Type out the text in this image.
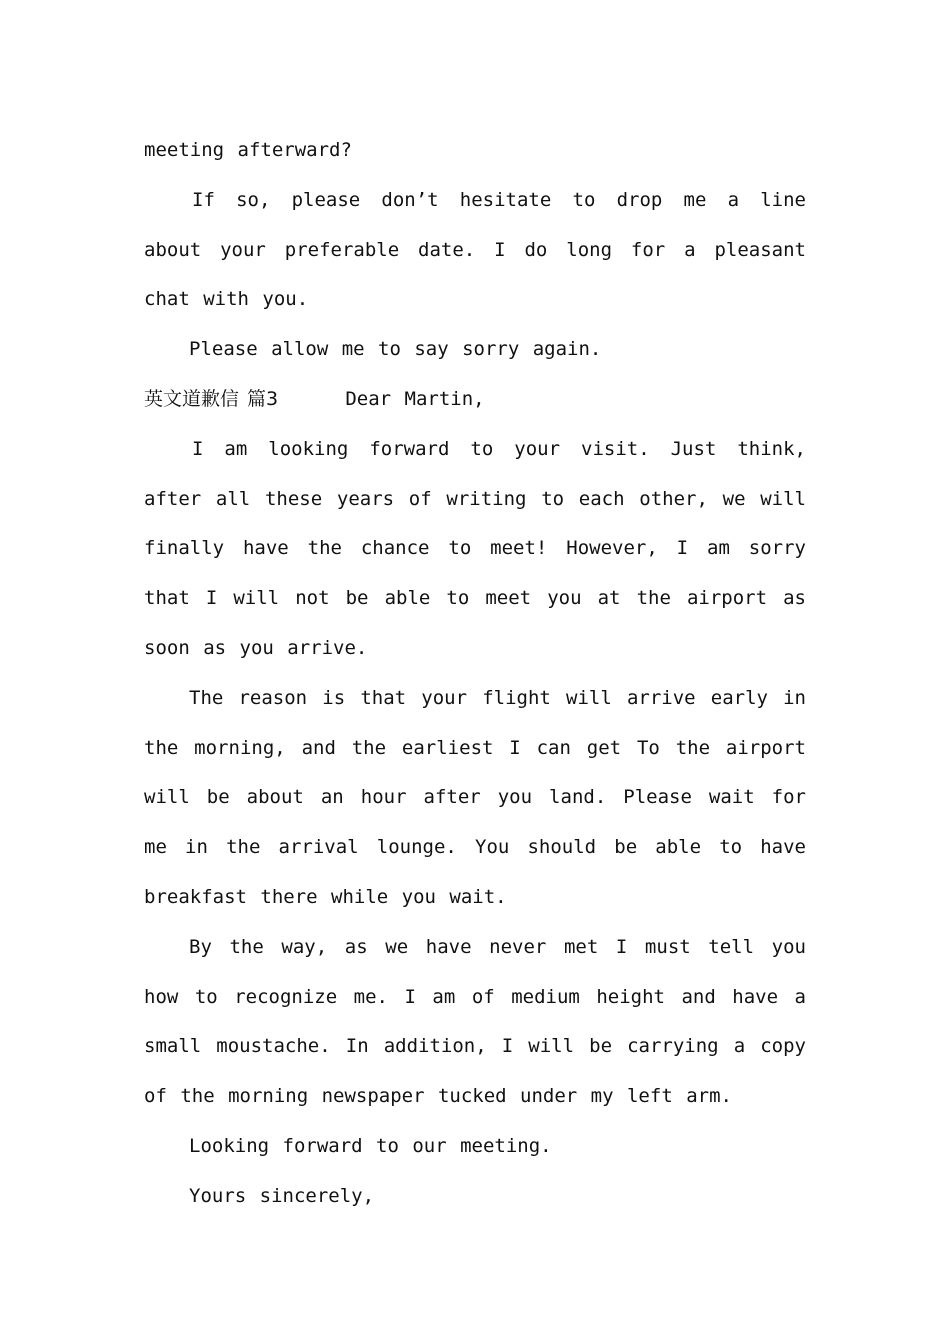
meeting afterward?

If so, please don’t hesitate to drop me a line about your preferable date. I do long for a pleasant chat with you.

Please allow me to say sorry again.

英文道歉信 篇3	Dear Martin,

I am looking forward to your visit. Just think, after all these years of writing to each other, we will finally have the chance to meet! However, I am sorry that I will not be able to meet you at the airport as soon as you arrive.

The reason is that your flight will arrive early in the morning, and the earliest I can get To the airport will be about an hour after you land. Please wait for me in the arrival lounge. You should be able to have breakfast there while you wait.

By the way, as we have never met I must tell you how to recognize me. I am of medium height and have a small moustache. In addition, I will be carrying a copy of the morning newspaper tucked under my left arm.

Looking forward to our meeting.

Yours sincerely,
